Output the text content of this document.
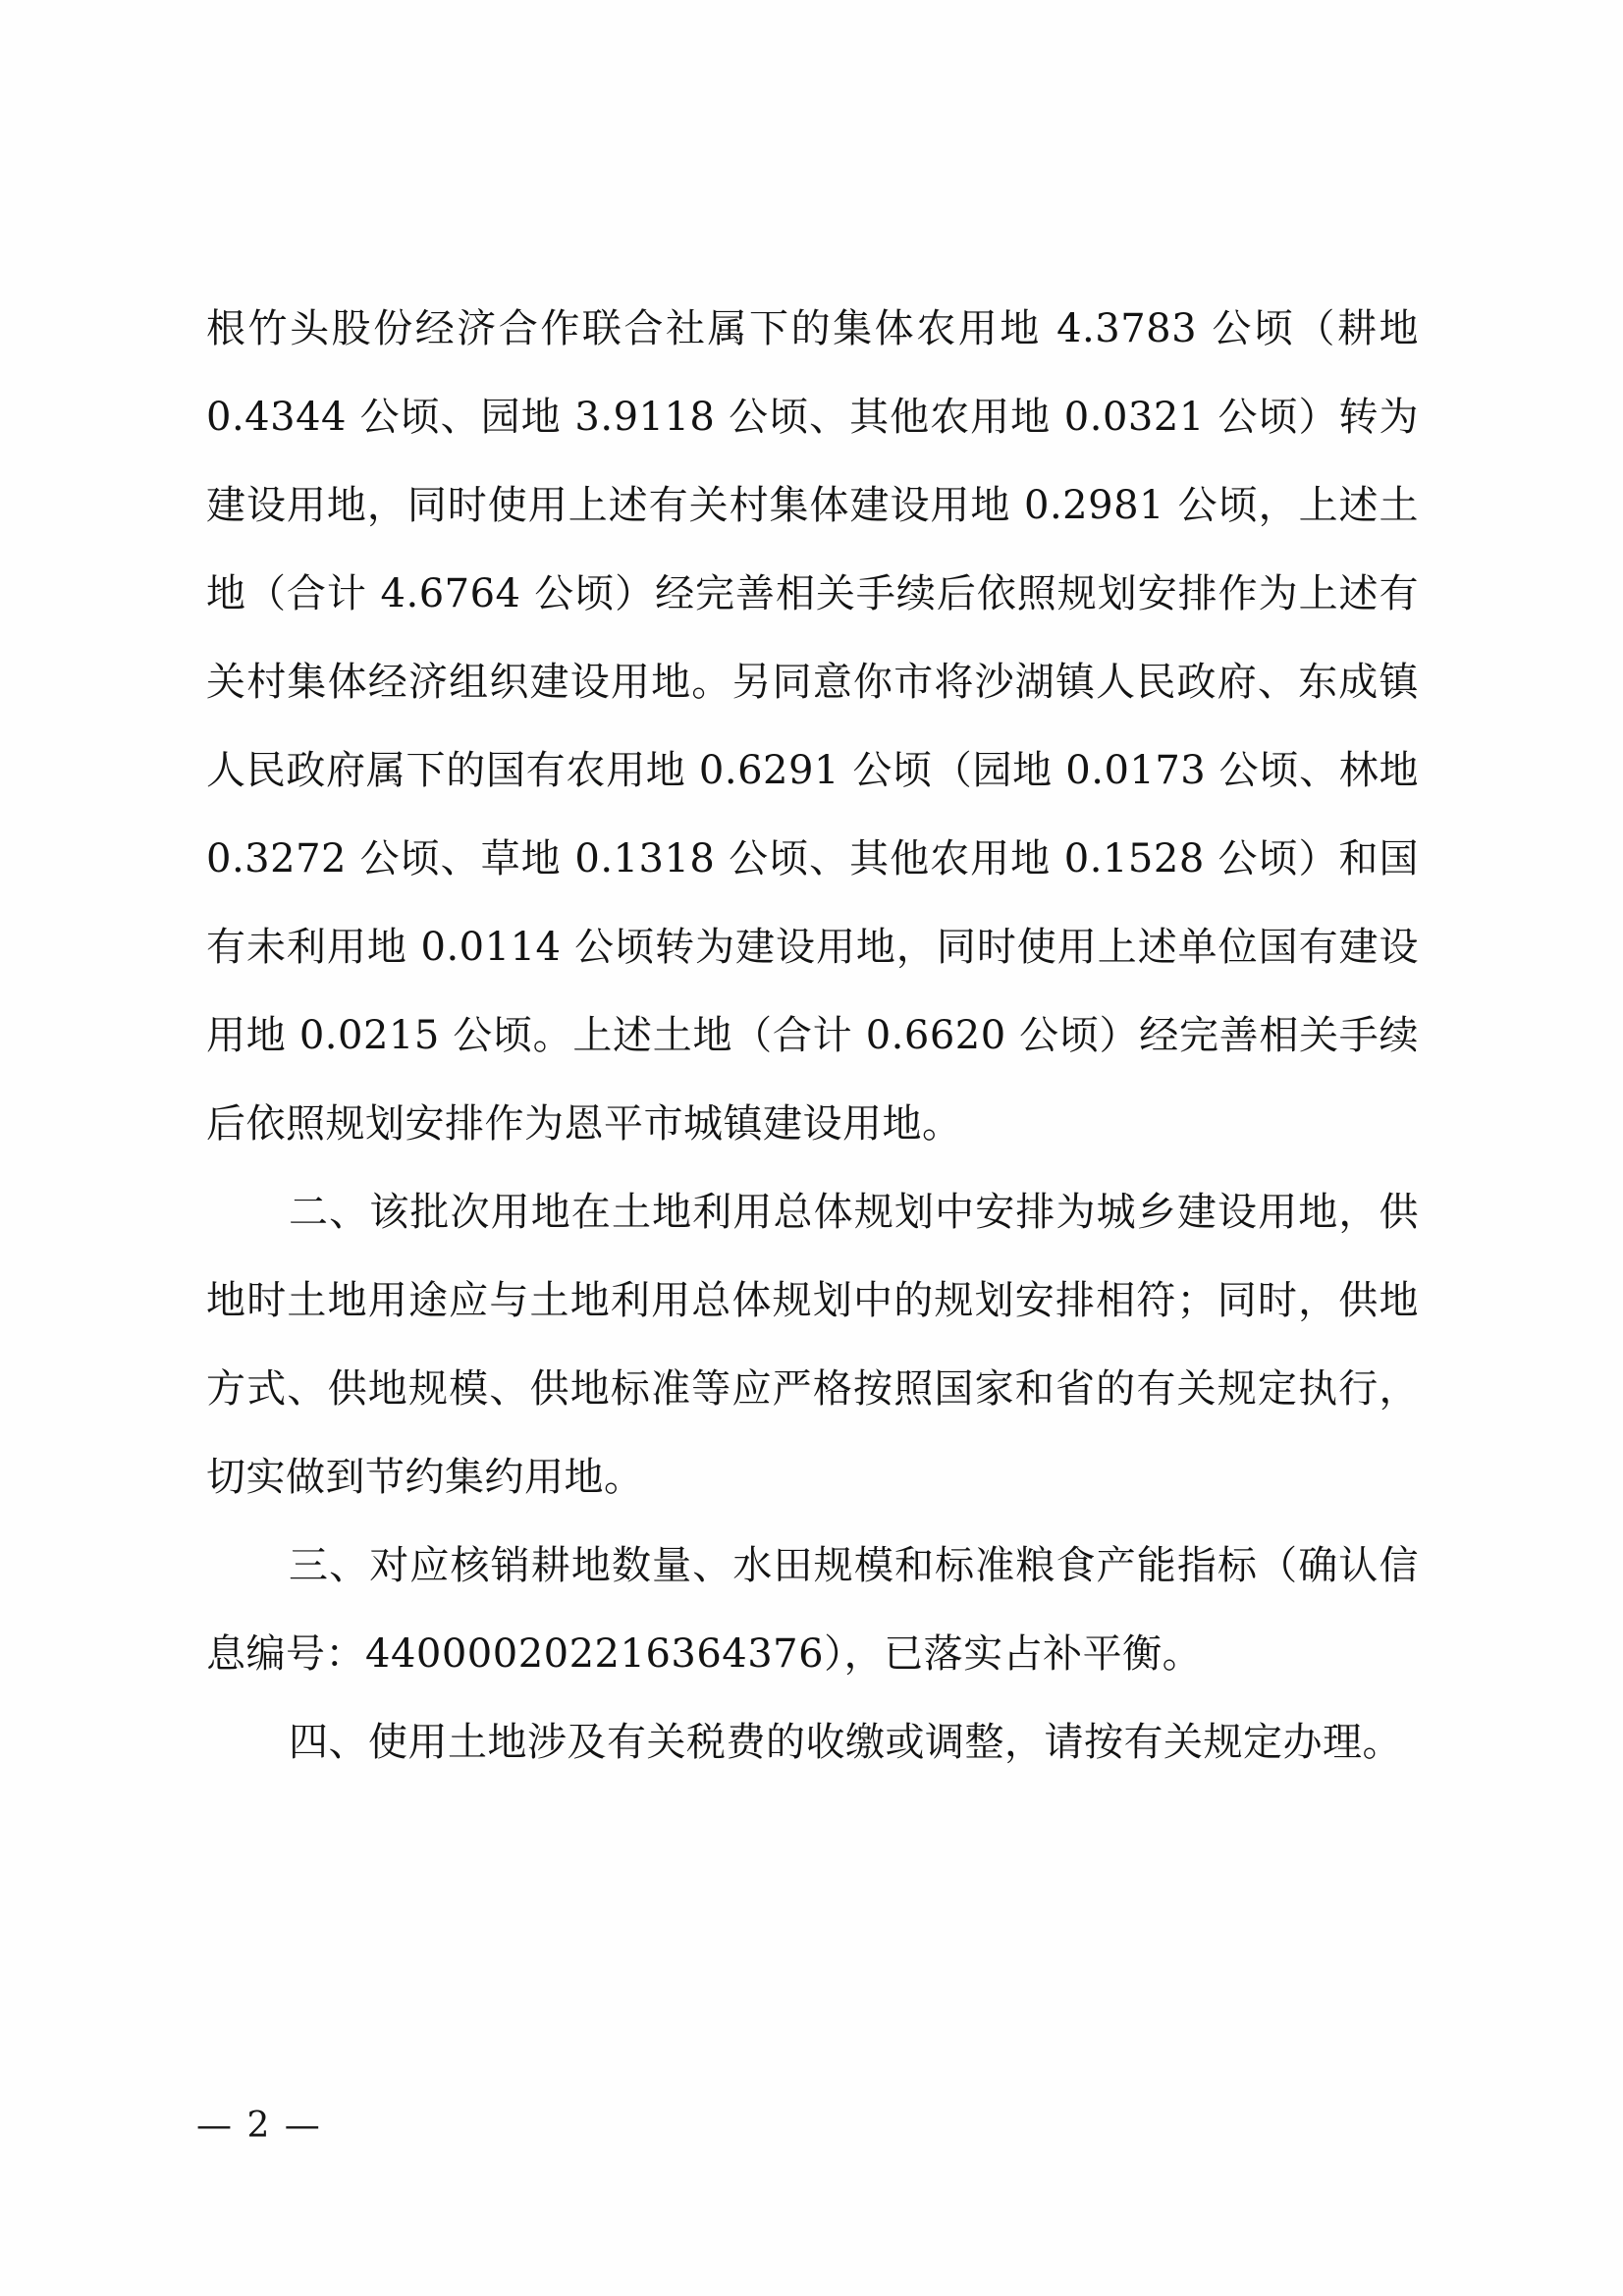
根竹头股份经济合作联合社属下的集体农用地 4.3783 公顷（耕地 0.4344 公顷、园地 3.9118 公顷、其他农用地 0.0321 公顷）转为建设用地，同时使用上述有关村集体建设用地 0.2981 公顷，上述土地（合计 4.6764 公顷）经完善相关手续后依照规划安排作为上述有关村集体经济组织建设用地。另同意你市将沙湖镇人民政府、东成镇人民政府属下的国有农用地 0.6291 公顷（园地 0.0173 公顷、林地 0.3272 公顷、草地 0.1318 公顷、其他农用地 0.1528 公顷）和国有未利用地 0.0114 公顷转为建设用地，同时使用上述单位国有建设用地 0.0215 公顷。上述土地（合计 0.6620 公顷）经完善相关手续后依照规划安排作为恩平市城镇建设用地。

二、该批次用地在土地利用总体规划中安排为城乡建设用地，供地时土地用途应与土地利用总体规划中的规划安排相符；同时，供地方式、供地规模、供地标准等应严格按照国家和省的有关规定执行，切实做到节约集约用地。

三、对应核销耕地数量、水田规模和标准粮食产能指标（确认信息编号：440000202216364376），已落实占补平衡。

四、使用土地涉及有关税费的收缴或调整，请按有关规定办理。

— 2 —
